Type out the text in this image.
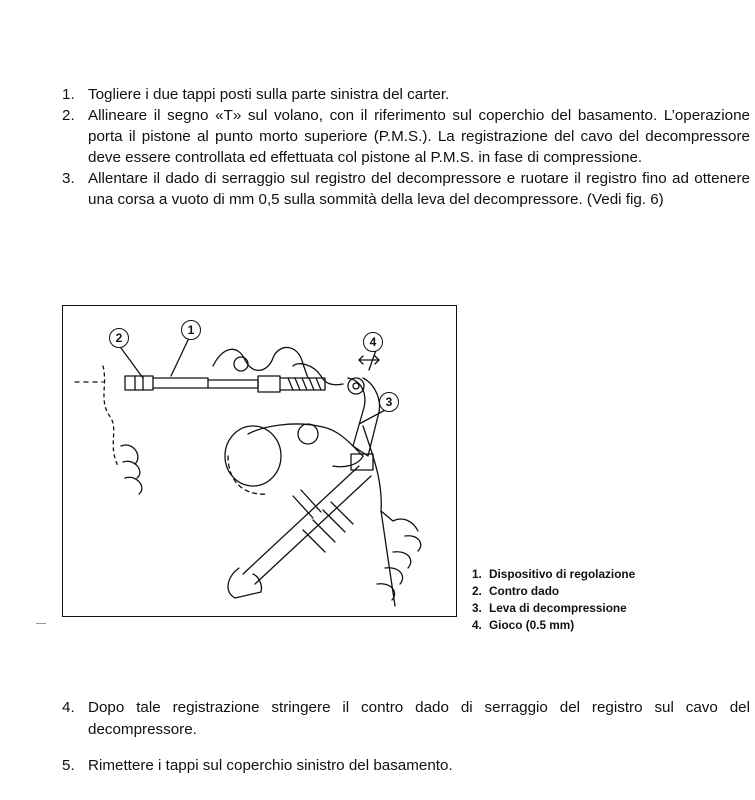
1. Togliere i due tappi posti sulla parte sinistra del carter.
2. Allineare il segno «T» sul volano, con il riferimento sul coperchio del basamento. L’operazione porta il pistone al punto morto superiore (P.M.S.). La registrazione del cavo del decompressore deve essere controllata ed effettuata col pistone al P.M.S. in fase di compressione.
3. Allentare il dado di serraggio sul registro del decompressore e ruotare il registro fino ad ottenere una corsa a vuoto di mm 0,5 sulla sommità della leva del decompressore. (Vedi fig. 6)
2
1
4
3
1. Dispositivo di regolazione
2. Contro dado
3. Leva di decompressione
4. Gioco (0.5 mm)
4. Dopo tale registrazione stringere il contro dado di serraggio del registro sul cavo del decompressore.
5. Rimettere i tappi sul coperchio sinistro del basamento.
